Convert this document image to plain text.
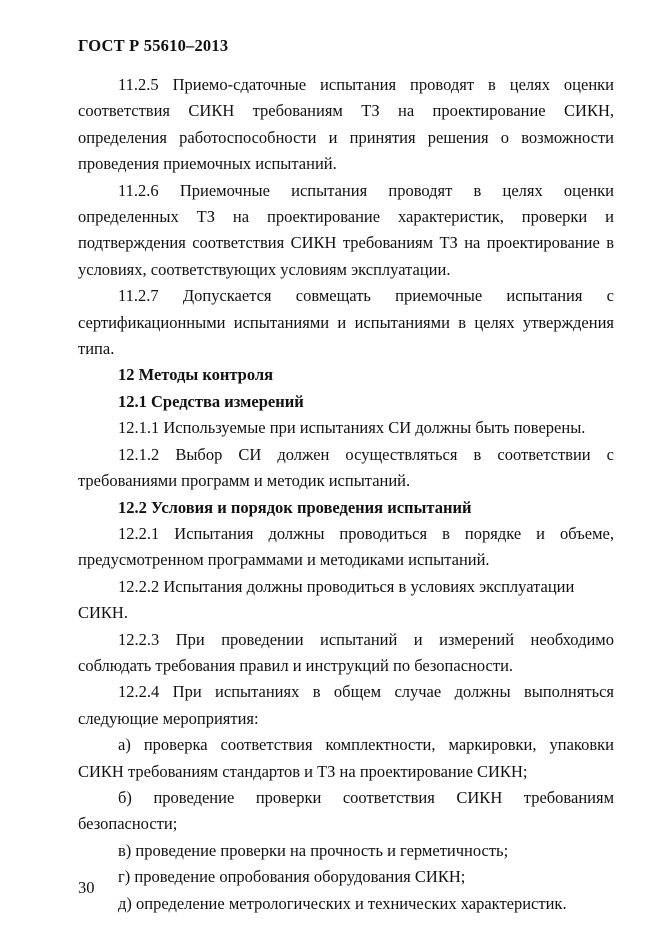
ГОСТ Р 55610–2013

11.2.5 Приемо-сдаточные испытания проводят в целях оценки соответствия СИКН требованиям ТЗ на проектирование СИКН, определения работоспособности и принятия решения о возможности проведения приемочных испытаний.

11.2.6 Приемочные испытания проводят в целях оценки определенных ТЗ на проектирование характеристик, проверки и подтверждения соответствия СИКН требованиям ТЗ на проектирование в условиях, соответствующих условиям эксплуатации.

11.2.7 Допускается совмещать приемочные испытания с сертификационными испытаниями и испытаниями в целях утверждения типа.

12 Методы контроля

12.1 Средства измерений

12.1.1 Используемые при испытаниях СИ должны быть поверены.

12.1.2 Выбор СИ должен осуществляться в соответствии с требованиями программ и методик испытаний.

12.2 Условия и порядок проведения испытаний

12.2.1 Испытания должны проводиться в порядке и объеме, предусмотренном программами и методиками испытаний.

12.2.2 Испытания должны проводиться в условиях эксплуатации СИКН.

12.2.3 При проведении испытаний и измерений необходимо соблюдать требования правил и инструкций по безопасности.

12.2.4 При испытаниях в общем случае должны выполняться следующие мероприятия:

а) проверка соответствия комплектности, маркировки, упаковки СИКН требованиям стандартов и ТЗ на проектирование СИКН;

б) проведение проверки соответствия СИКН требованиям безопасности;

в) проведение проверки на прочность и герметичность;

г) проведение опробования оборудования СИКН;

д) определение метрологических и технических характеристик.

30
